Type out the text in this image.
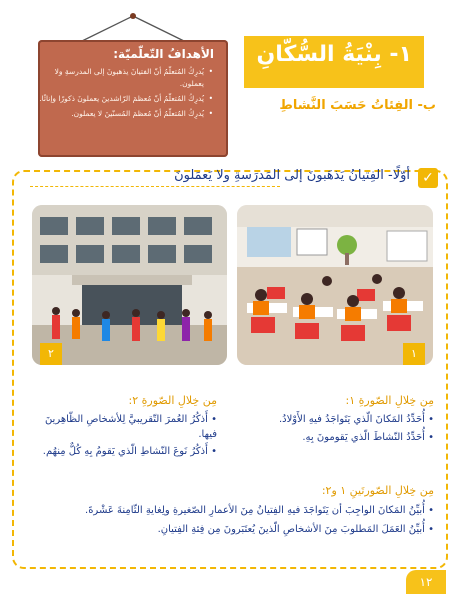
الأهدافُ التّعلّميّة:
• يُدرِكُ المُتعلّمُ أنّ الفتيانَ يذهبونَ إلى المدرسةِ ولا يعملون.
• يُدرِكُ المُتعلّمُ أنّ مُعظمَ الرّاشدينَ يعملونَ ذكورًا وإناثًا.
• يُدرِكُ المُتعلّمُ أنّ مُعظمَ المُسنّينَ لا يعملون.
١- بِنْيَةُ السُّكّانِ
ب- الفِئاتُ حَسَبَ النَّشاطِ
✓
أوّلًا- الفِتيانُ يَذهَبونَ إلى المَدرَسةِ ولا يَعمَلونَ
١
٢
مِن خِلالِ الصّورةِ ١:
• أُحَدِّدُ المَكانَ الّذي يَتَواجَدُ فيهِ الأَوْلادُ.
• أُحَدِّدُ النّشاطَ الّذي يَقومونَ بِهِ.
مِن خِلالِ الصّورةِ ٢:
• أَذكُرُ العُمرَ التّقريبيَّ لِلأشخاصِ الظّاهِرينَ فيها.
• أَذكُرُ نَوعَ النّشاطِ الّذي يَقومُ بِهِ كُلٌّ مِنهُم.
مِن خِلالِ الصّورتَينِ ١ و٢:
• أُبيِّنُ المَكانَ الواجِبَ أن يَتَواجَدَ فيهِ الفِتيانُ مِنَ الأعمارِ الصّغيرةِ ولِغايةِ الثّامِنةَ عَشْرةَ.
• أُبيِّنُ العَمَلَ المَطلوبَ مِنَ الأشخاصِ الّذينَ يُعتَبَرونَ مِن فِئةِ الفِتيانِ.
١٢
